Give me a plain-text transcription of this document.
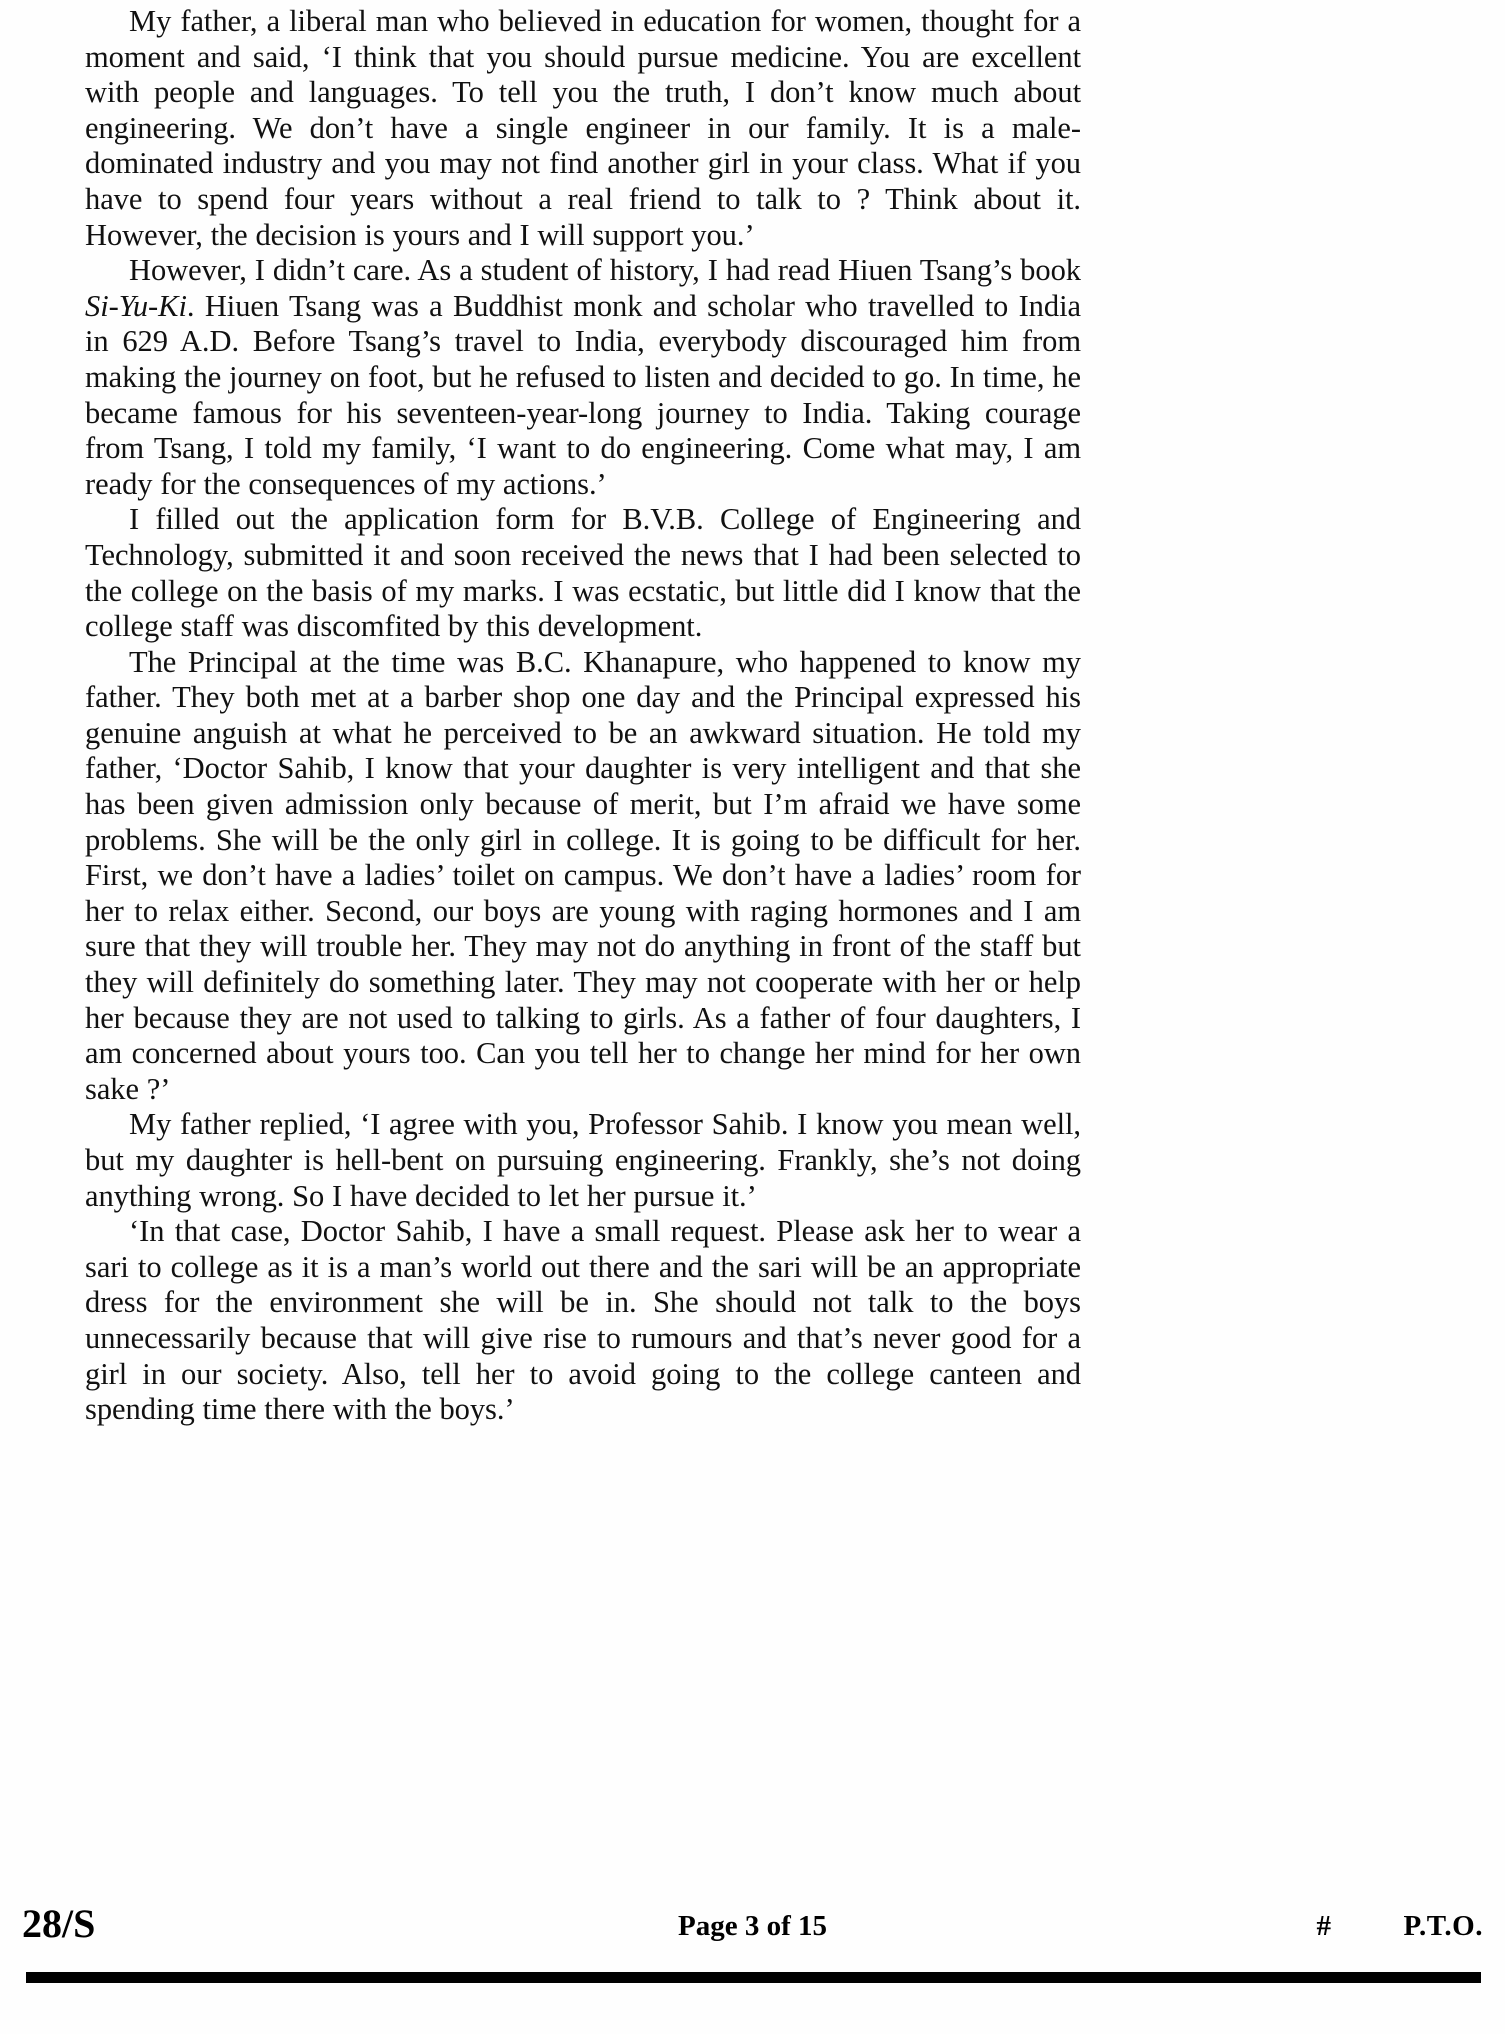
My father, a liberal man who believed in education for women, thought for a moment and said, ‘I think that you should pursue medicine. You are excellent with people and languages. To tell you the truth, I don’t know much about engineering. We don’t have a single engineer in our family. It is a male-dominated industry and you may not find another girl in your class. What if you have to spend four years without a real friend to talk to ? Think about it. However, the decision is yours and I will support you.’

However, I didn’t care. As a student of history, I had read Hiuen Tsang’s book Si-Yu-Ki. Hiuen Tsang was a Buddhist monk and scholar who travelled to India in 629 A.D. Before Tsang’s travel to India, everybody discouraged him from making the journey on foot, but he refused to listen and decided to go. In time, he became famous for his seventeen-year-long journey to India. Taking courage from Tsang, I told my family, ‘I want to do engineering. Come what may, I am ready for the consequences of my actions.’

I filled out the application form for B.V.B. College of Engineering and Technology, submitted it and soon received the news that I had been selected to the college on the basis of my marks. I was ecstatic, but little did I know that the college staff was discomfited by this development.

The Principal at the time was B.C. Khanapure, who happened to know my father. They both met at a barber shop one day and the Principal expressed his genuine anguish at what he perceived to be an awkward situation. He told my father, ‘Doctor Sahib, I know that your daughter is very intelligent and that she has been given admission only because of merit, but I’m afraid we have some problems. She will be the only girl in college. It is going to be difficult for her. First, we don’t have a ladies’ toilet on campus. We don’t have a ladies’ room for her to relax either. Second, our boys are young with raging hormones and I am sure that they will trouble her. They may not do anything in front of the staff but they will definitely do something later. They may not cooperate with her or help her because they are not used to talking to girls. As a father of four daughters, I am concerned about yours too. Can you tell her to change her mind for her own sake ?’

My father replied, ‘I agree with you, Professor Sahib. I know you mean well, but my daughter is hell-bent on pursuing engineering. Frankly, she’s not doing anything wrong. So I have decided to let her pursue it.’

‘In that case, Doctor Sahib, I have a small request. Please ask her to wear a sari to college as it is a man’s world out there and the sari will be an appropriate dress for the environment she will be in. She should not talk to the boys unnecessarily because that will give rise to rumours and that’s never good for a girl in our society. Also, tell her to avoid going to the college canteen and spending time there with the boys.’

28/S	Page 3 of 15	# P.T.O.
